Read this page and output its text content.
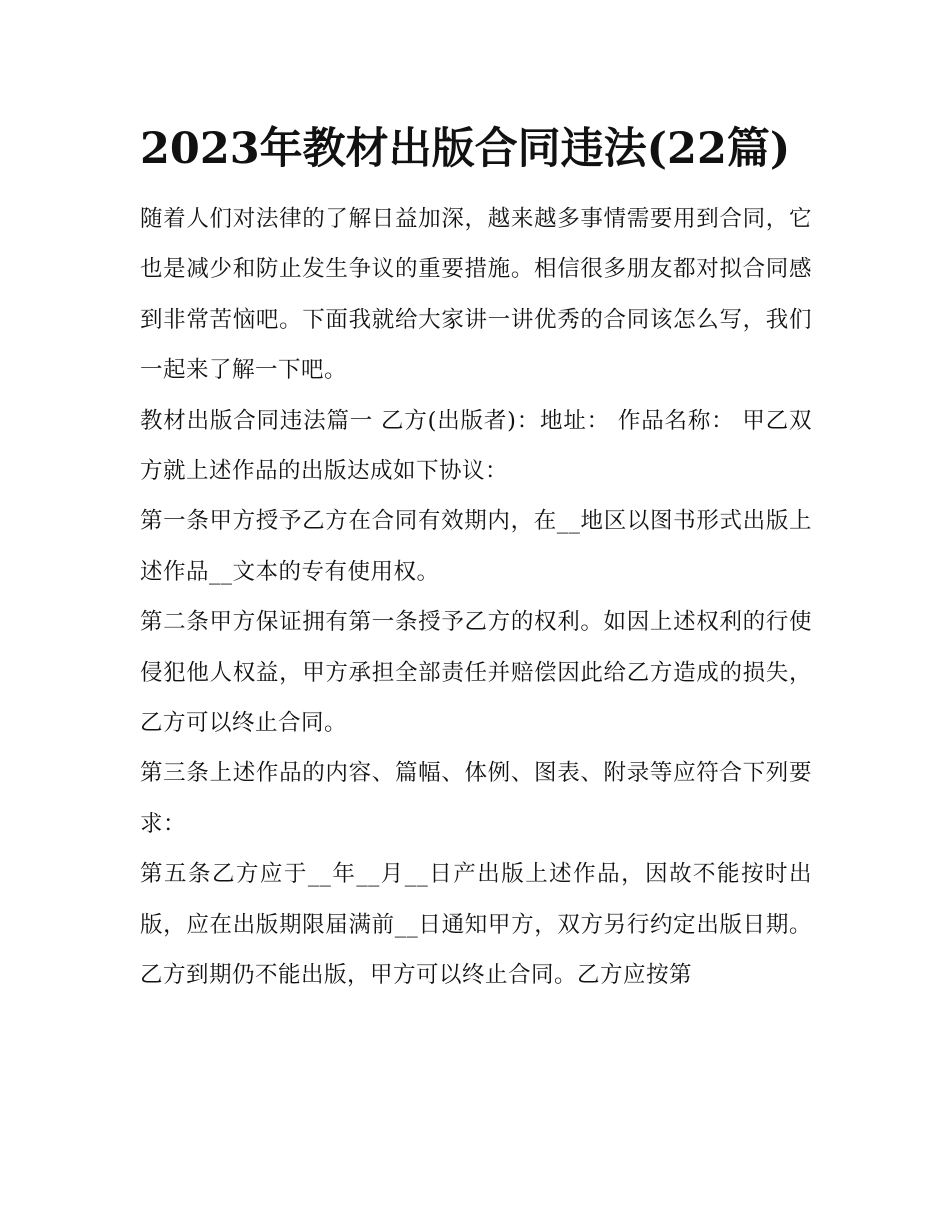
2023年教材出版合同违法(22篇)

随着人们对法律的了解日益加深，越来越多事情需要用到合同，它也是减少和防止发生争议的重要措施。相信很多朋友都对拟合同感到非常苦恼吧。下面我就给大家讲一讲优秀的合同该怎么写，我们一起来了解一下吧。

教材出版合同违法篇一 乙方(出版者)：地址： 作品名称： 甲乙双方就上述作品的出版达成如下协议：

第一条甲方授予乙方在合同有效期内，在__地区以图书形式出版上述作品__文本的专有使用权。

第二条甲方保证拥有第一条授予乙方的权利。如因上述权利的行使侵犯他人权益，甲方承担全部责任并赔偿因此给乙方造成的损失，乙方可以终止合同。

第三条上述作品的内容、篇幅、体例、图表、附录等应符合下列要求：

第五条乙方应于__年__月__日产出版上述作品，因故不能按时出版，应在出版期限届满前__日通知甲方，双方另行约定出版日期。乙方到期仍不能出版，甲方可以终止合同。乙方应按第
